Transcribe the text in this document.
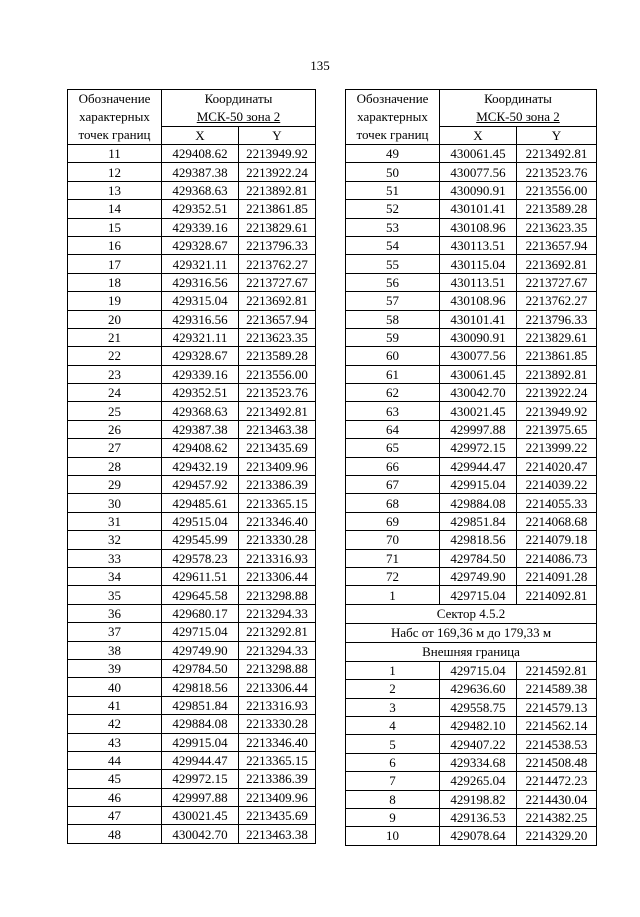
135
Обозначение
характерных
точек границ	Координаты
МСК-50 зона 2	

	X	Y
11	429408.62	2213949.92
12	429387.38	2213922.24
13	429368.63	2213892.81
14	429352.51	2213861.85
15	429339.16	2213829.61
16	429328.67	2213796.33
17	429321.11	2213762.27
18	429316.56	2213727.67
19	429315.04	2213692.81
20	429316.56	2213657.94
21	429321.11	2213623.35
22	429328.67	2213589.28
23	429339.16	2213556.00
24	429352.51	2213523.76
25	429368.63	2213492.81
26	429387.38	2213463.38
27	429408.62	2213435.69
28	429432.19	2213409.96
29	429457.92	2213386.39
30	429485.61	2213365.15
31	429515.04	2213346.40
32	429545.99	2213330.28
33	429578.23	2213316.93
34	429611.51	2213306.44
35	429645.58	2213298.88
36	429680.17	2213294.33
37	429715.04	2213292.81
38	429749.90	2213294.33
39	429784.50	2213298.88
40	429818.56	2213306.44
41	429851.84	2213316.93
42	429884.08	2213330.28
43	429915.04	2213346.40
44	429944.47	2213365.15
45	429972.15	2213386.39
46	429997.88	2213409.96
47	430021.45	2213435.69
48	430042.70	2213463.38
Обозначение
характерных
точек границ	Координаты
МСК-50 зона 2	

	X	Y
49	430061.45	2213492.81
50	430077.56	2213523.76
51	430090.91	2213556.00
52	430101.41	2213589.28
53	430108.96	2213623.35
54	430113.51	2213657.94
55	430115.04	2213692.81
56	430113.51	2213727.67
57	430108.96	2213762.27
58	430101.41	2213796.33
59	430090.91	2213829.61
60	430077.56	2213861.85
61	430061.45	2213892.81
62	430042.70	2213922.24
63	430021.45	2213949.92
64	429997.88	2213975.65
65	429972.15	2213999.22
66	429944.47	2214020.47
67	429915.04	2214039.22
68	429884.08	2214055.33
69	429851.84	2214068.68
70	429818.56	2214079.18
71	429784.50	2214086.73
72	429749.90	2214091.28
1	429715.04	2214092.81
Сектор 4.5.2		
Набс от 169,36 м до 179,33 м		
Внешняя граница		
1	429715.04	2214592.81
2	429636.60	2214589.38
3	429558.75	2214579.13
4	429482.10	2214562.14
5	429407.22	2214538.53
6	429334.68	2214508.48
7	429265.04	2214472.23
8	429198.82	2214430.04
9	429136.53	2214382.25
10	429078.64	2214329.20
